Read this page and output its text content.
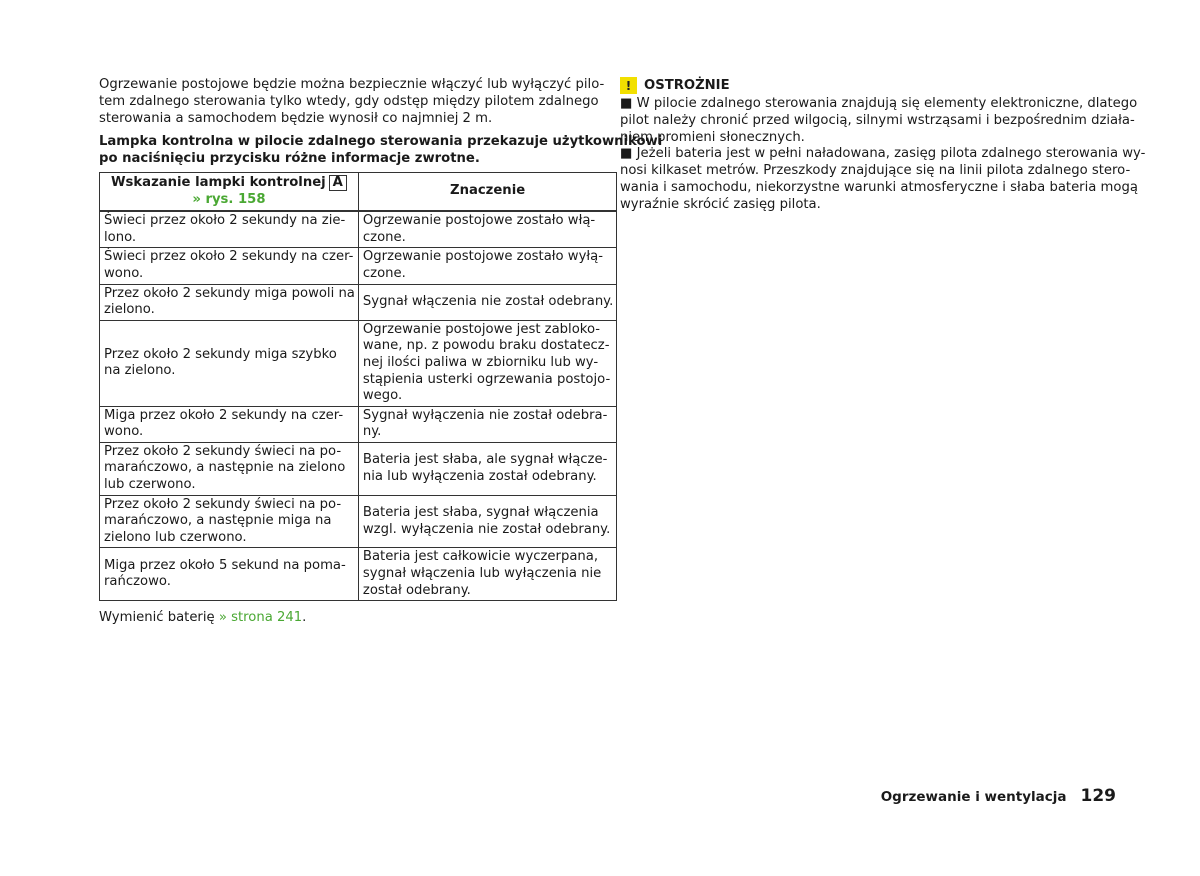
Ogrzewanie postojowe będzie można bezpiecznie włączyć lub wyłączyć pilo-
tem zdalnego sterowania tylko wtedy, gdy odstęp między pilotem zdalnego
sterowania a samochodem będzie wynosił co najmniej 2 m.
Lampka kontrolna w pilocie zdalnego sterowania przekazuje użytkownikowi
po naciśnięciu przycisku różne informacje zwrotne.
Wskazanie lampki kontrolnej A
» rys. 158	Znaczenie

Świeci przez około 2 sekundy na zie-
lono.	Ogrzewanie postojowe zostało włą-
czone.

Świeci przez około 2 sekundy na czer-
wono.	Ogrzewanie postojowe zostało wyłą-
czone.

Przez około 2 sekundy miga powoli na
zielono.	Sygnał włączenia nie został odebrany.

Przez około 2 sekundy miga szybko
na zielono.	Ogrzewanie postojowe jest zabloko-
wane, np. z powodu braku dostatecz-
nej ilości paliwa w zbiorniku lub wy-
stąpienia usterki ogrzewania postojo-
wego.

Miga przez około 2 sekundy na czer-
wono.	Sygnał wyłączenia nie został odebra-
ny.

Przez około 2 sekundy świeci na po-
marańczowo, a następnie na zielono
lub czerwono.	Bateria jest słaba, ale sygnał włącze-
nia lub wyłączenia został odebrany.

Przez około 2 sekundy świeci na po-
marańczowo, a następnie miga na
zielono lub czerwono.	Bateria jest słaba, sygnał włączenia
wzgl. wyłączenia nie został odebrany.

Miga przez około 5 sekund na poma-
rańczowo.	Bateria jest całkowicie wyczerpana,
sygnał włączenia lub wyłączenia nie
został odebrany.

Wymienić baterię » strona 241.

! OSTROŻNIE
■ W pilocie zdalnego sterowania znajdują się elementy elektroniczne, dlatego
pilot należy chronić przed wilgocią, silnymi wstrząsami i bezpośrednim działa-
niem promieni słonecznych.
■ Jeżeli bateria jest w pełni naładowana, zasięg pilota zdalnego sterowania wy-
nosi kilkaset metrów. Przeszkody znajdujące się na linii pilota zdalnego stero-
wania i samochodu, niekorzystne warunki atmosferyczne i słaba bateria mogą
wyraźnie skrócić zasięg pilota.
Ogrzewanie i wentylacja 129
